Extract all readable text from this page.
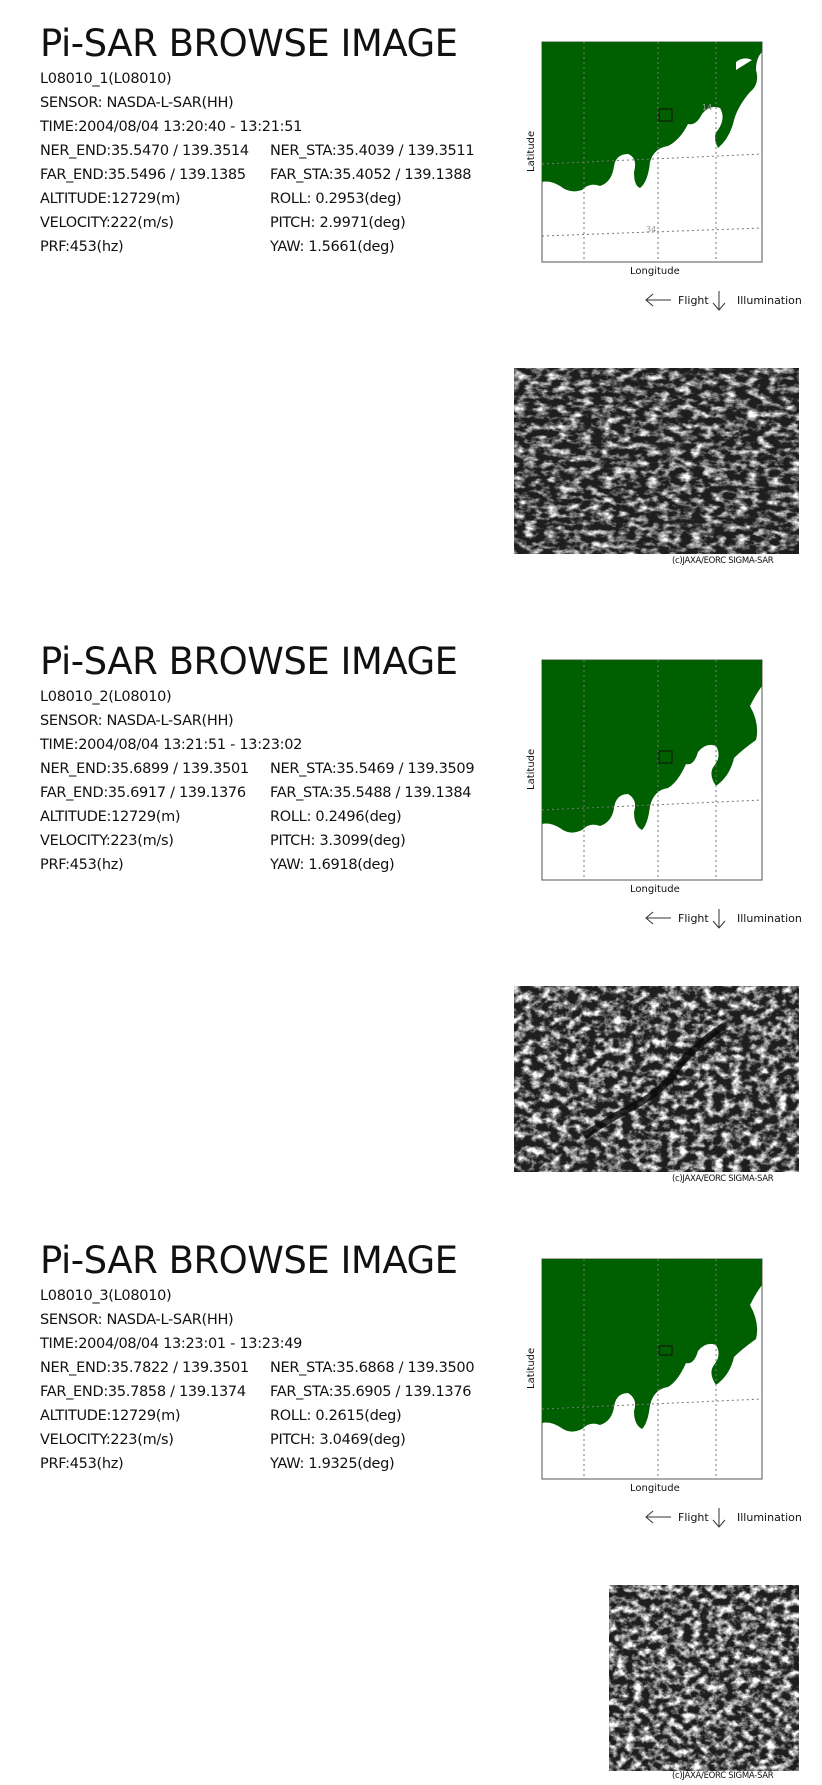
Pi-SAR BROWSE IMAGE
L08010_1(L08010)
SENSOR: NASDA-L-SAR(HH)
TIME:2004/08/04 13:20:40 - 13:21:51
NER_END:35.5470 / 139.3514 NER_STA:35.4039 / 139.3511
FAR_END:35.5496 / 139.1385 FAR_STA:35.4052 / 139.1388
ALTITUDE:12729(m)	ROLL: 0.2953(deg)
VELOCITY:222(m/s)	PITCH: 2.9971(deg)
PRF:453(hz)	YAW: 1.5661(deg)
14
34
Longitude
Latitude
Flight	Illumination
(c)JAXA/EORC SIGMA-SAR
Pi-SAR BROWSE IMAGE
L08010_2(L08010)
SENSOR: NASDA-L-SAR(HH)
TIME:2004/08/04 13:21:51 - 13:23:02
NER_END:35.6899 / 139.3501 NER_STA:35.5469 / 139.3509
FAR_END:35.6917 / 139.1376 FAR_STA:35.5488 / 139.1384
ALTITUDE:12729(m)	ROLL: 0.2496(deg)
VELOCITY:223(m/s)	PITCH: 3.3099(deg)
PRF:453(hz)	YAW: 1.6918(deg)
Longitude
Latitude
Flight	Illumination
(c)JAXA/EORC SIGMA-SAR
Pi-SAR BROWSE IMAGE
L08010_3(L08010)
SENSOR: NASDA-L-SAR(HH)
TIME:2004/08/04 13:23:01 - 13:23:49
NER_END:35.7822 / 139.3501 NER_STA:35.6868 / 139.3500
FAR_END:35.7858 / 139.1374 FAR_STA:35.6905 / 139.1376
ALTITUDE:12729(m)	ROLL: 0.2615(deg)
VELOCITY:223(m/s)	PITCH: 3.0469(deg)
PRF:453(hz)	YAW: 1.9325(deg)
Longitude
Latitude
Flight	Illumination
(c)JAXA/EORC SIGMA-SAR
